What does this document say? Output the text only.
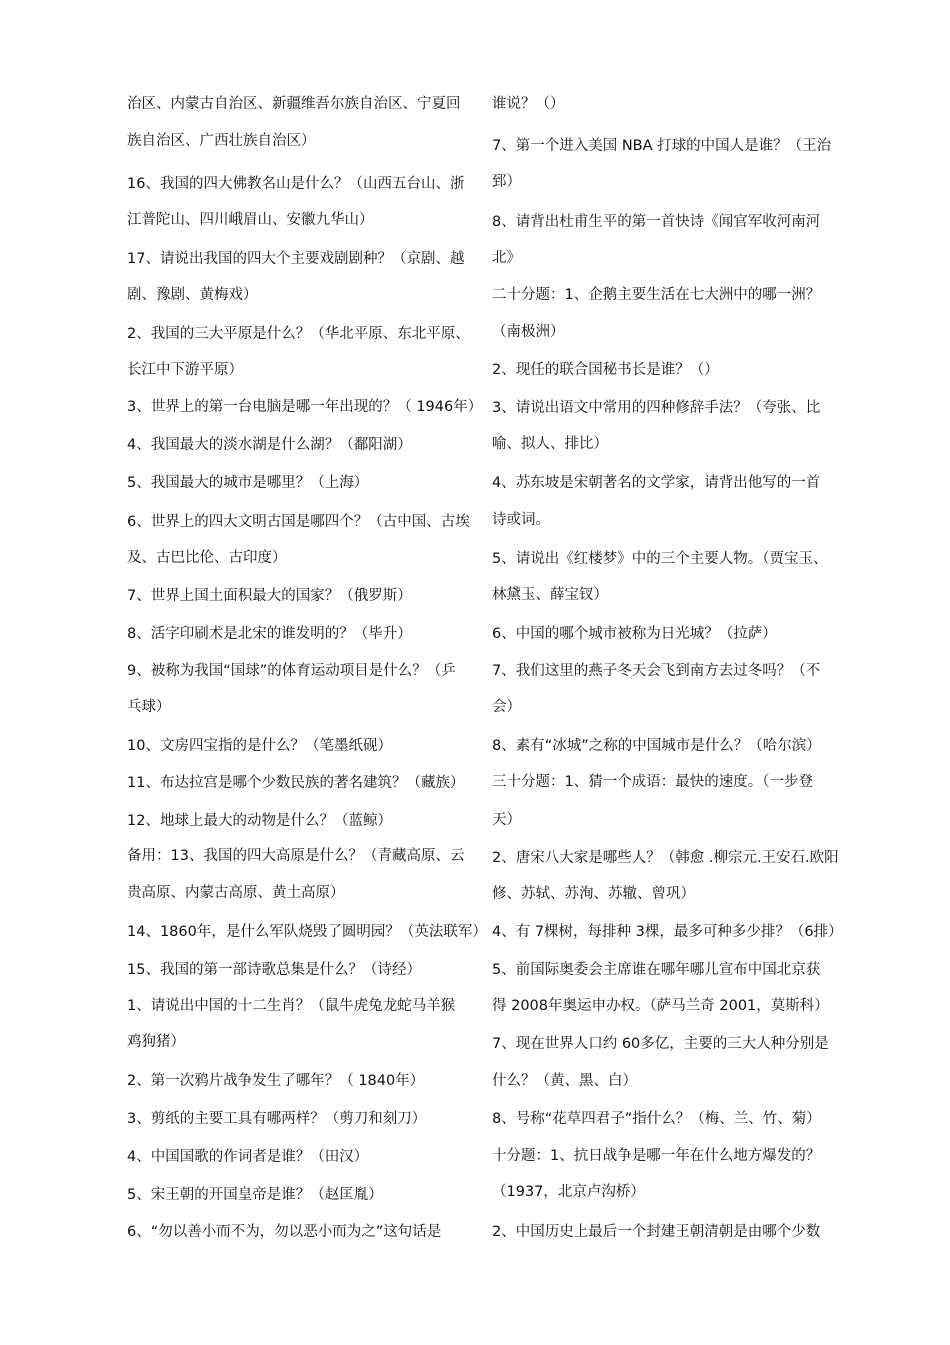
治区、内蒙古自治区、新疆维吾尔族自治区、宁夏回
族自治区、广西壮族自治区）
16、我国的四大佛教名山是什么？（山西五台山、浙
江普陀山、四川峨眉山、安徽九华山）
17、请说出我国的四大个主要戏剧剧种？（京剧、越
剧、豫剧、黄梅戏）
2、我国的三大平原是什么？（华北平原、东北平原、
长江中下游平原）
3、世界上的第一台电脑是哪一年出现的？（ 1946年）
4、我国最大的淡水湖是什么湖？（鄱阳湖）
5、我国最大的城市是哪里？（上海）
6、世界上的四大文明古国是哪四个？（古中国、古埃
及、古巴比伦、古印度）
7、世界上国土面积最大的国家？（俄罗斯）
8、活字印刷术是北宋的谁发明的？（毕升）
9、被称为我国“国球”的体育运动项目是什么？（乒
乓球）
10、文房四宝指的是什么？（笔墨纸砚）
11、布达拉宫是哪个少数民族的著名建筑？（藏族）
12、地球上最大的动物是什么？（蓝鲸）
备用：13、我国的四大高原是什么？（青藏高原、云
贵高原、内蒙古高原、黄土高原）
14、1860年，是什么军队烧毁了圆明园？（英法联军）
15、我国的第一部诗歌总集是什么？（诗经）
1、请说出中国的十二生肖？（鼠牛虎兔龙蛇马羊猴
鸡狗猪）
2、第一次鸦片战争发生了哪年？（ 1840年）
3、剪纸的主要工具有哪两样？（剪刀和刻刀）
4、中国国歌的作词者是谁？（田汉）
5、宋王朝的开国皇帝是谁？（赵匡胤）
6、“勿以善小而不为，勿以恶小而为之”这句话是
谁说？（）
7、第一个进入美国 NBA 打球的中国人是谁？（王治
郅）
8、请背出杜甫生平的第一首快诗《闻官军收河南河
北》
二十分题：1、企鹅主要生活在七大洲中的哪一洲？
（南极洲）
2、现任的联合国秘书长是谁？（）
3、请说出语文中常用的四种修辞手法？（夸张、比
喻、拟人、排比）
4、苏东坡是宋朝著名的文学家，请背出他写的一首
诗或词。
5、请说出《红楼梦》中的三个主要人物。（贾宝玉、
林黛玉、薛宝钗）
6、中国的哪个城市被称为日光城？（拉萨）
7、我们这里的燕子冬天会飞到南方去过冬吗？（不
会）
8、素有“冰城”之称的中国城市是什么？（哈尔滨）
三十分题：1、猜一个成语：最快的速度。（一步登
天）
2、唐宋八大家是哪些人？（韩愈 .柳宗元.王安石.欧阳
修、苏轼、苏洵、苏辙、曾巩）
4、有 7棵树，每排种 3棵，最多可种多少排？（6排）
5、前国际奥委会主席谁在哪年哪儿宣布中国北京获
得 2008年奥运申办权。（萨马兰奇 2001，莫斯科）
7、现在世界人口约 60多亿，主要的三大人种分别是
什么？（黄、黑、白）
8、号称“花草四君子”指什么？（梅、兰、竹、菊）
十分题：1、抗日战争是哪一年在什么地方爆发的？
（1937，北京卢沟桥）
2、中国历史上最后一个封建王朝清朝是由哪个少数
